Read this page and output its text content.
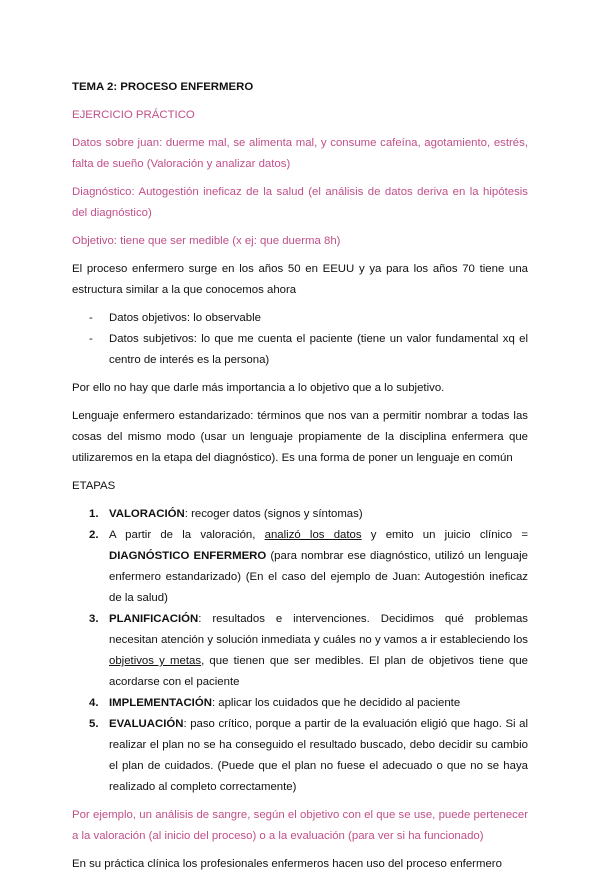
TEMA 2: PROCESO ENFERMERO

EJERCICIO PRÁCTICO

Datos sobre juan: duerme mal, se alimenta mal, y consume cafeína, agotamiento, estrés, falta de sueño (Valoración y analizar datos)

Diagnóstico: Autogestión ineficaz de la salud (el análisis de datos deriva en la hipótesis del diagnóstico)

Objetivo: tiene que ser medible (x ej: que duerma 8h)

El proceso enfermero surge en los años 50 en EEUU y ya para los años 70 tiene una estructura similar a la que conocemos ahora

- Datos objetivos: lo observable
- Datos subjetivos: lo que me cuenta el paciente (tiene un valor fundamental xq el centro de interés es la persona)

Por ello no hay que darle más importancia a lo objetivo que a lo subjetivo.

Lenguaje enfermero estandarizado: términos que nos van a permitir nombrar a todas las cosas del mismo modo (usar un lenguaje propiamente de la disciplina enfermera que utilizaremos en la etapa del diagnóstico). Es una forma de poner un lenguaje en común

ETAPAS

1. VALORACIÓN: recoger datos (signos y síntomas)
2. A partir de la valoración, analizó los datos y emito un juicio clínico = DIAGNÓSTICO ENFERMERO (para nombrar ese diagnóstico, utilizó un lenguaje enfermero estandarizado) (En el caso del ejemplo de Juan: Autogestión ineficaz de la salud)
3. PLANIFICACIÓN: resultados e intervenciones. Decidimos qué problemas necesitan atención y solución inmediata y cuáles no y vamos a ir estableciendo los objetivos y metas, que tienen que ser medibles. El plan de objetivos tiene que acordarse con el paciente
4. IMPLEMENTACIÓN: aplicar los cuidados que he decidido al paciente
5. EVALUACIÓN: paso crítico, porque a partir de la evaluación eligió que hago. Si al realizar el plan no se ha conseguido el resultado buscado, debo decidir su cambio el plan de cuidados. (Puede que el plan no fuese el adecuado o que no se haya realizado al completo correctamente)

Por ejemplo, un análisis de sangre, según el objetivo con el que se use, puede pertenecer a la valoración (al inicio del proceso) o a la evaluación (para ver si ha funcionado)

En su práctica clínica los profesionales enfermeros hacen uso del proceso enfermero
